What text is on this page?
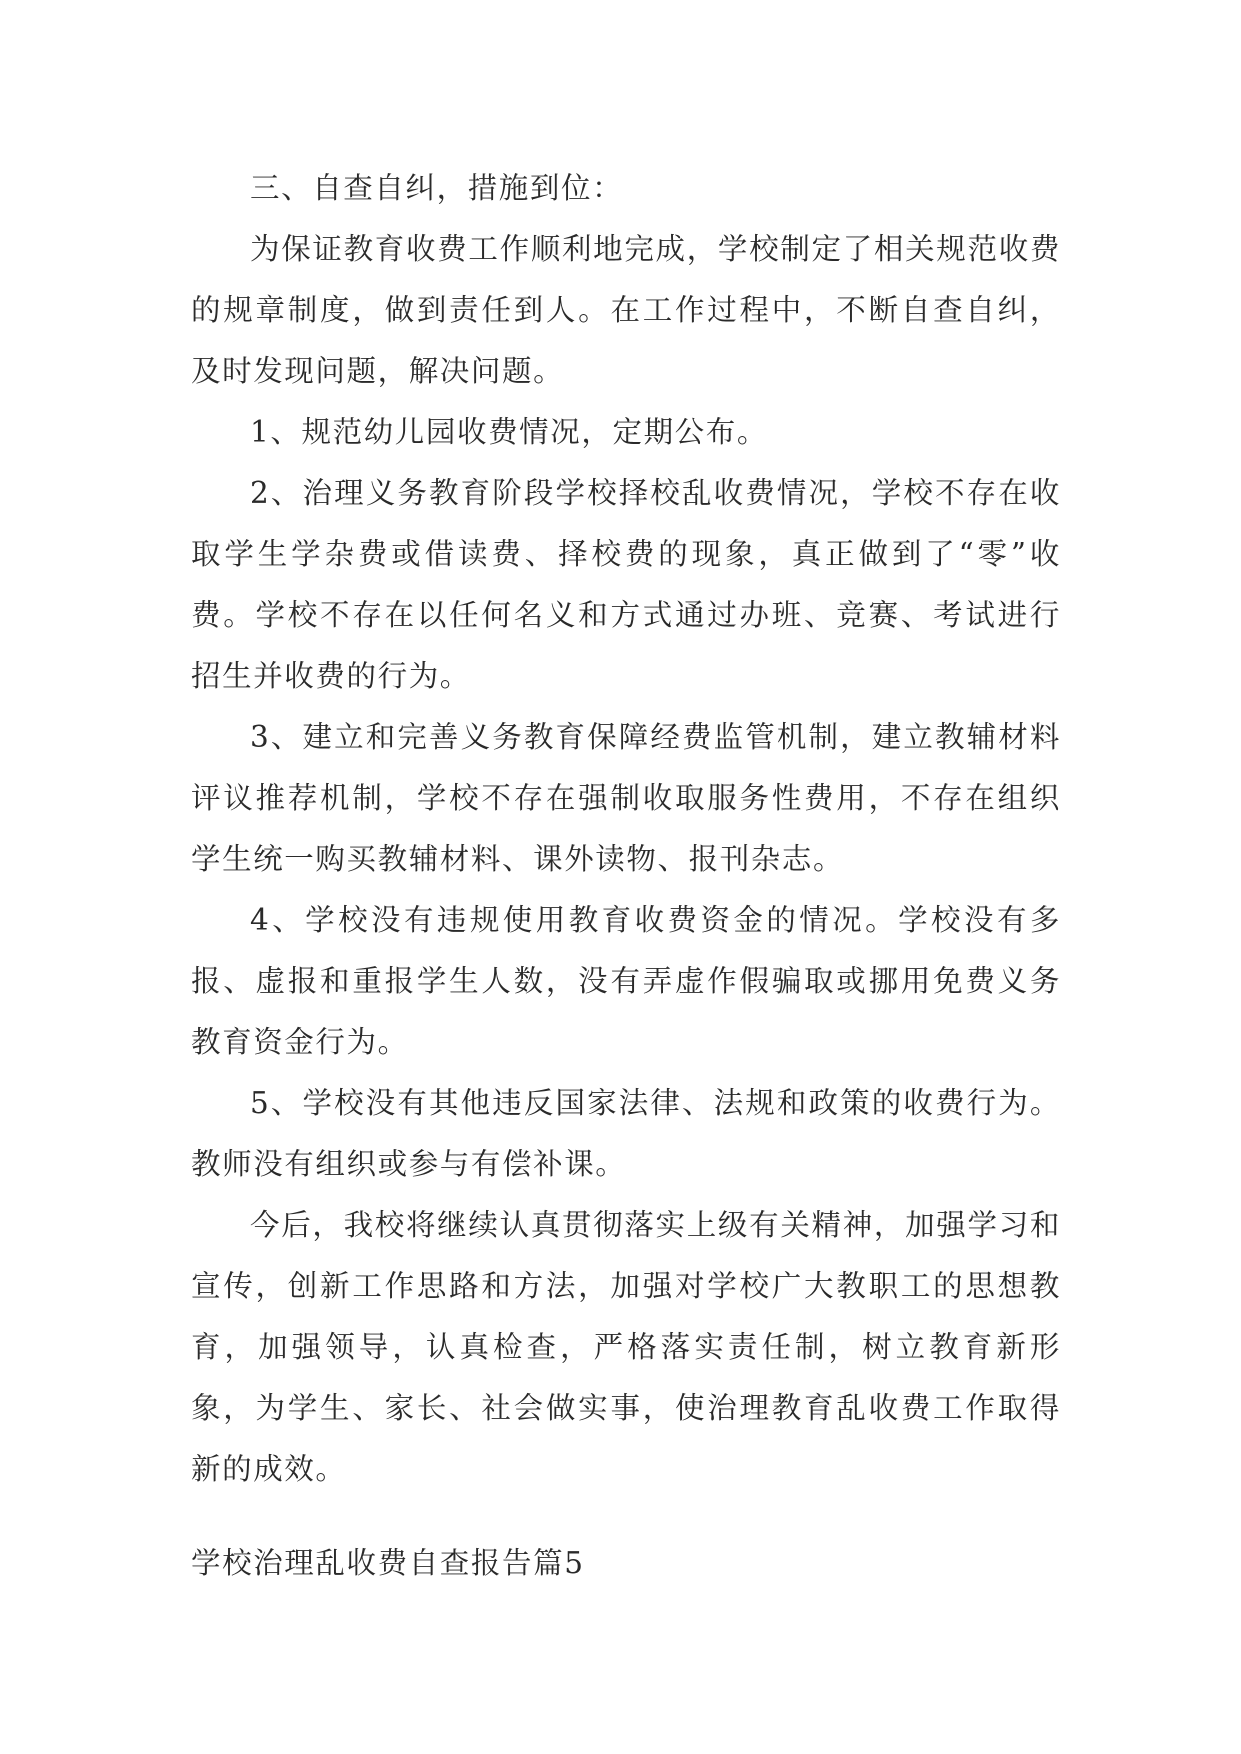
三、自查自纠，措施到位：

为保证教育收费工作顺利地完成，学校制定了相关规范收费的规章制度，做到责任到人。在工作过程中，不断自查自纠，及时发现问题，解决问题。

1、规范幼儿园收费情况，定期公布。

2、治理义务教育阶段学校择校乱收费情况，学校不存在收取学生学杂费或借读费、择校费的现象，真正做到了“零”收费。学校不存在以任何名义和方式通过办班、竞赛、考试进行招生并收费的行为。

3、建立和完善义务教育保障经费监管机制，建立教辅材料评议推荐机制，学校不存在强制收取服务性费用，不存在组织学生统一购买教辅材料、课外读物、报刊杂志。

4、学校没有违规使用教育收费资金的情况。学校没有多报、虚报和重报学生人数，没有弄虚作假骗取或挪用免费义务教育资金行为。

5、学校没有其他违反国家法律、法规和政策的收费行为。教师没有组织或参与有偿补课。

今后，我校将继续认真贯彻落实上级有关精神，加强学习和宣传，创新工作思路和方法，加强对学校广大教职工的思想教育，加强领导，认真检查，严格落实责任制，树立教育新形象，为学生、家长、社会做实事，使治理教育乱收费工作取得新的成效。

学校治理乱收费自查报告篇5
